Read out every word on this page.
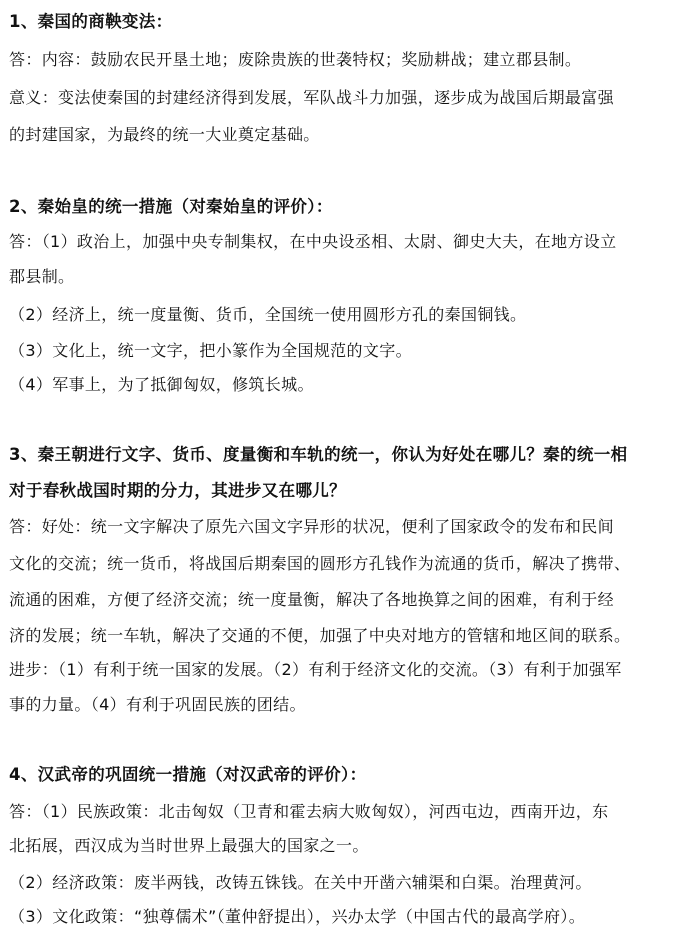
1、秦国的商鞅变法：
答：内容：鼓励农民开垦土地；废除贵族的世袭特权；奖励耕战；建立郡县制。
意义：变法使秦国的封建经济得到发展，军队战斗力加强，逐步成为战国后期最富强
的封建国家，为最终的统一大业奠定基础。
2、秦始皇的统一措施（对秦始皇的评价）：
答：（1）政治上，加强中央专制集权，在中央设丞相、太尉、御史大夫，在地方设立
郡县制。
（2）经济上，统一度量衡、货币，全国统一使用圆形方孔的秦国铜钱。
（3）文化上，统一文字，把小篆作为全国规范的文字。
（4）军事上，为了抵御匈奴，修筑长城。
3、秦王朝进行文字、货币、度量衡和车轨的统一，你认为好处在哪儿？秦的统一相
对于春秋战国时期的分力，其进步又在哪儿？
答：好处：统一文字解决了原先六国文字异形的状况，便利了国家政令的发布和民间
文化的交流；统一货币，将战国后期秦国的圆形方孔钱作为流通的货币，解决了携带、
流通的困难，方便了经济交流；统一度量衡，解决了各地换算之间的困难，有利于经
济的发展；统一车轨，解决了交通的不便，加强了中央对地方的管辖和地区间的联系。
进步：（1）有利于统一国家的发展。（2）有利于经济文化的交流。（3）有利于加强军
事的力量。（4）有利于巩固民族的团结。
4、汉武帝的巩固统一措施（对汉武帝的评价）：
答：（1）民族政策：北击匈奴（卫青和霍去病大败匈奴），河西屯边，西南开边，东
北拓展，西汉成为当时世界上最强大的国家之一。
（2）经济政策：废半两钱，改铸五铢钱。在关中开凿六辅渠和白渠。治理黄河。
（3）文化政策：“独尊儒术”（董仲舒提出），兴办太学（中国古代的最高学府）。
